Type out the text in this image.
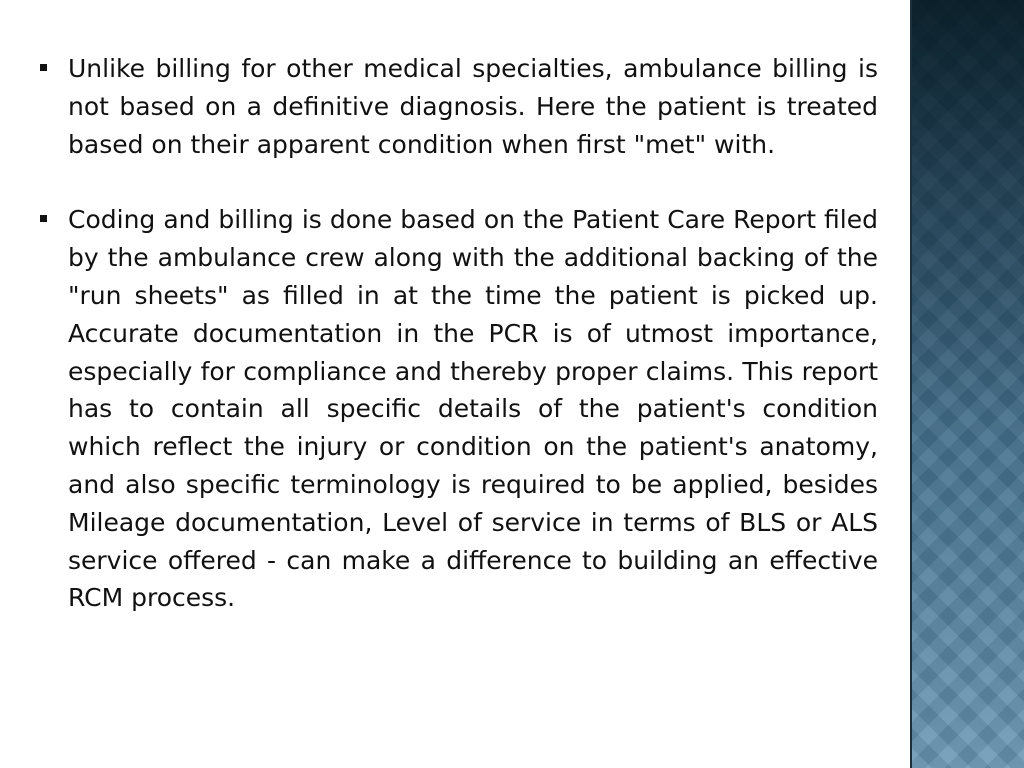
Unlike billing for other medical specialties, ambulance billing is not based on a definitive diagnosis. Here the patient is treated based on their apparent condition when first "met" with.
Coding and billing is done based on the Patient Care Report filed by the ambulance crew along with the additional backing of the "run sheets" as filled in at the time the patient is picked up. Accurate documentation in the PCR is of utmost importance, especially for compliance and thereby proper claims. This report has to contain all specific details of the patient's condition which reflect the injury or condition on the patient's anatomy, and also specific terminology is required to be applied, besides Mileage documentation, Level of service in terms of BLS or ALS service offered - can make a difference to building an effective RCM process.
